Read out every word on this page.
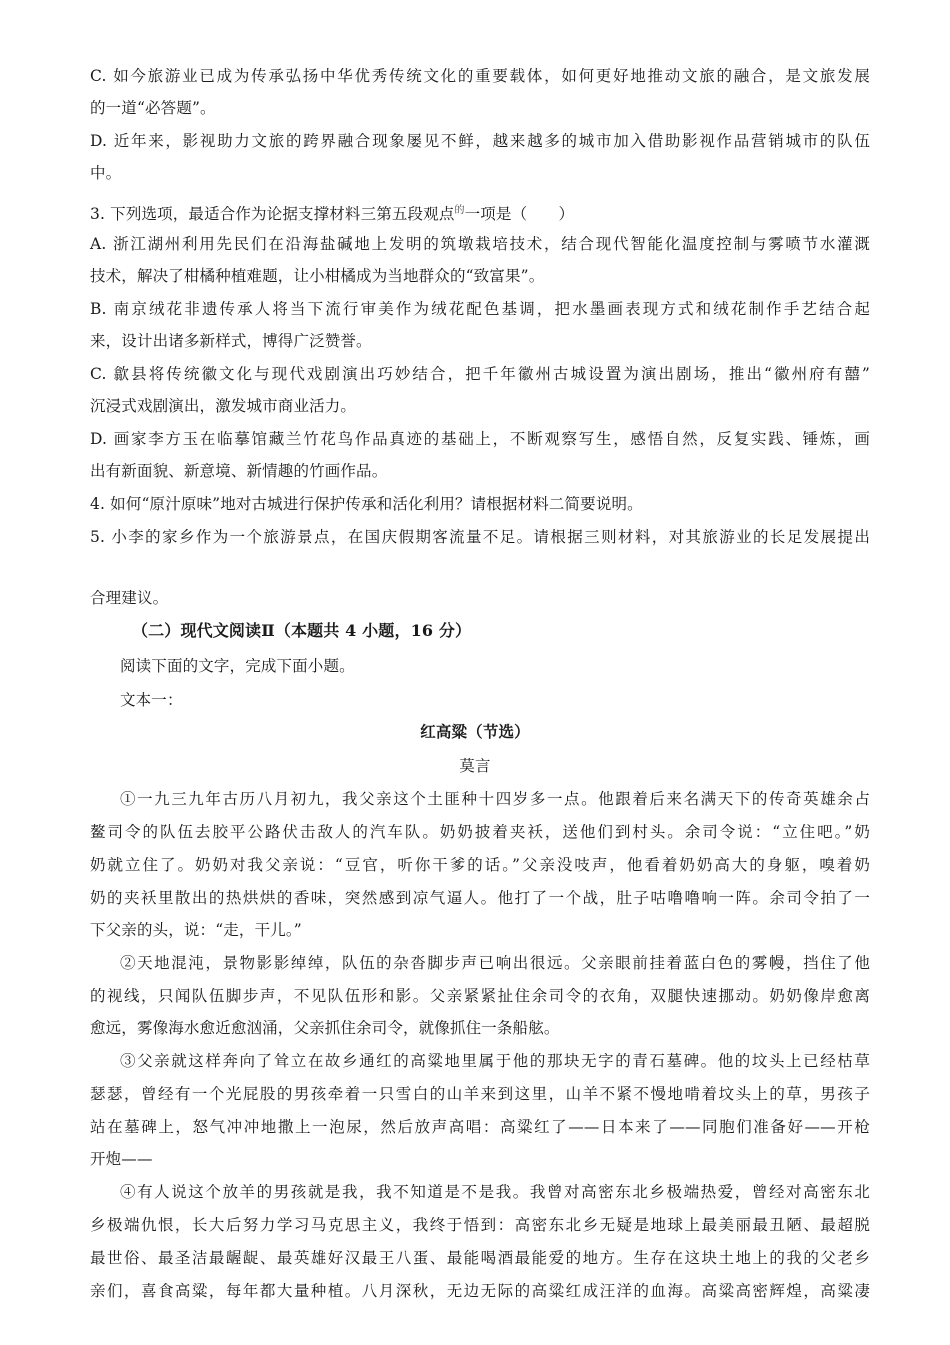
C. 如今旅游业已成为传承弘扬中华优秀传统文化的重要载体，如何更好地推动文旅的融合，是文旅发展
的一道“必答题”。
D. 近年来，影视助力文旅的跨界融合现象屡见不鲜，越来越多的城市加入借助影视作品营销城市的队伍
中。
3. 下列选项，最适合作为论据支撑材料三第五段观点$^的$一项是（　　）
A. 浙江湖州利用先民们在沿海盐碱地上发明的筑墩栽培技术，结合现代智能化温度控制与雾喷节水灌溉
技术，解决了柑橘种植难题，让小柑橘成为当地群众的“致富果”。
B. 南京绒花非遗传承人将当下流行审美作为绒花配色基调，把水墨画表现方式和绒花制作手艺结合起
来，设计出诸多新样式，博得广泛赞誉。
C. 歙县将传统徽文化与现代戏剧演出巧妙结合，把千年徽州古城设置为演出剧场，推出“徽州府有囍”
沉浸式戏剧演出，激发城市商业活力。
D. 画家李方玉在临摹馆藏兰竹花鸟作品真迹的基础上，不断观察写生，感悟自然，反复实践、锤炼，画
出有新面貌、新意境、新情趣的竹画作品。
4. 如何“原汁原味”地对古城进行保护传承和活化利用？请根据材料二简要说明。
5. 小李的家乡作为一个旅游景点，在国庆假期客流量不足。请根据三则材料，对其旅游业的长足发展提出
合理建议。
（二）现代文阅读Ⅱ（本题共 4 小题，16 分）
阅读下面的文字，完成下面小题。
文本一：
红高粱（节选）
莫言
①一九三九年古历八月初九，我父亲这个土匪种十四岁多一点。他跟着后来名满天下的传奇英雄余占
鳌司令的队伍去胶平公路伏击敌人的汽车队。奶奶披着夹袄，送他们到村头。余司令说：“立住吧。”奶
奶就立住了。奶奶对我父亲说：“豆官，听你干爹的话。”父亲没吱声，他看着奶奶高大的身躯，嗅着奶
奶的夹袄里散出的热烘烘的香味，突然感到凉气逼人。他打了一个战，肚子咕噜噜响一阵。余司令拍了一
下父亲的头，说：“走，干儿。”
②天地混沌，景物影影绰绰，队伍的杂沓脚步声已响出很远。父亲眼前挂着蓝白色的雾幔，挡住了他
的视线，只闻队伍脚步声，不见队伍形和影。父亲紧紧扯住余司令的衣角，双腿快速挪动。奶奶像岸愈离
愈远，雾像海水愈近愈汹涌，父亲抓住余司令，就像抓住一条船舷。
③父亲就这样奔向了耸立在故乡通红的高粱地里属于他的那块无字的青石墓碑。他的坟头上已经枯草
瑟瑟，曾经有一个光屁股的男孩牵着一只雪白的山羊来到这里，山羊不紧不慢地啃着坟头上的草，男孩子
站在墓碑上，怒气冲冲地撒上一泡尿，然后放声高唱：高粱红了——日本来了——同胞们准备好——开枪
开炮——
④有人说这个放羊的男孩就是我，我不知道是不是我。我曾对高密东北乡极端热爱，曾经对高密东北
乡极端仇恨，长大后努力学习马克思主义，我终于悟到：高密东北乡无疑是地球上最美丽最丑陋、最超脱
最世俗、最圣洁最龌龊、最英雄好汉最王八蛋、最能喝酒最能爱的地方。生存在这块土地上的我的父老乡
亲们，喜食高粱，每年都大量种植。八月深秋，无边无际的高粱红成汪洋的血海。高粱高密辉煌，高粱凄
